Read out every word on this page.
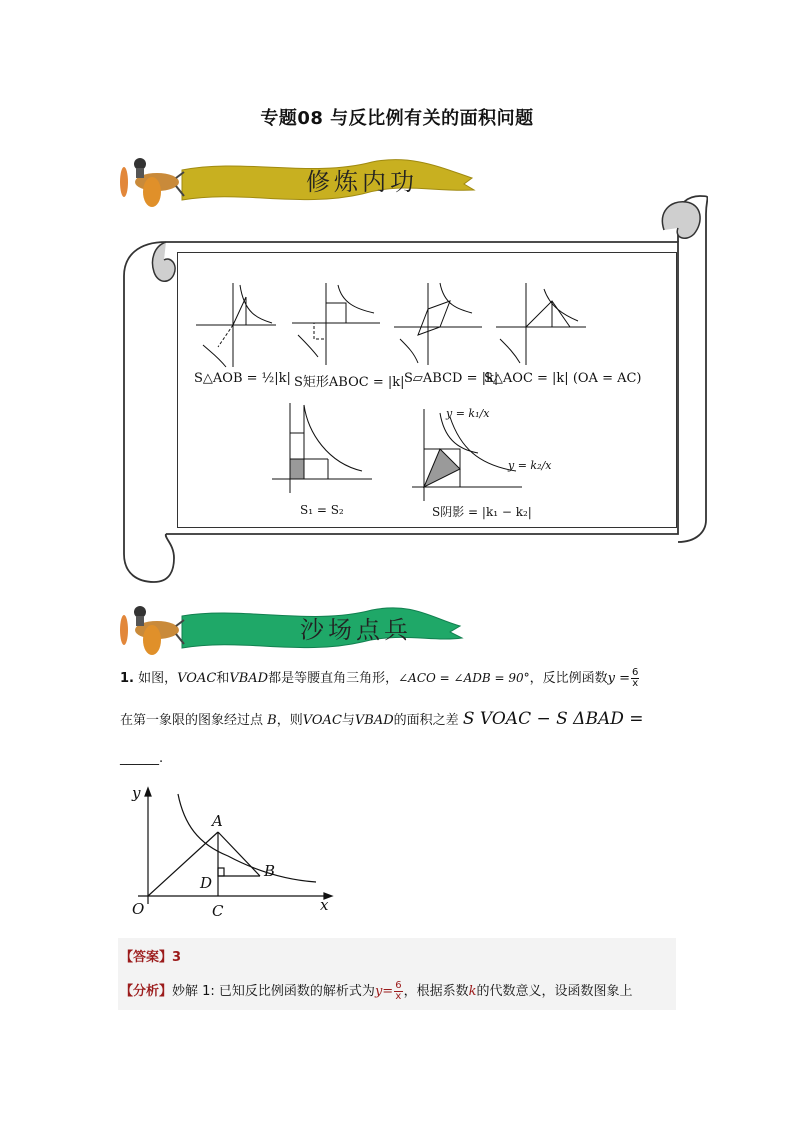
专题08 与反比例有关的面积问题
修炼内功
S△AOB = ½|k| S矩形ABOC = |k| S▱ABCD = |k|
S△AOC = |k| (OA = AC)
S₁ = S₂	S阴影 = |k₁ − k₂|
y = k₁/x
y = k₂/x
沙场点兵
1. 如图，VOAC和VBAD都是等腰直角三角形，∠ACO = ∠ADB = 90°，反比例函数$y = \frac{6}{x}$
在第一象限的图象经过点 B，则VOAC与VBAD的面积之差 S VOAC − S ΔBAD =
______.
y
x
O
A
B
C
D
【答案】3
【分析】妙解 1: 已知反比例函数的解析式为$y= \frac{6}{x}$ ，根据系数k的代数意义，设函数图象上
